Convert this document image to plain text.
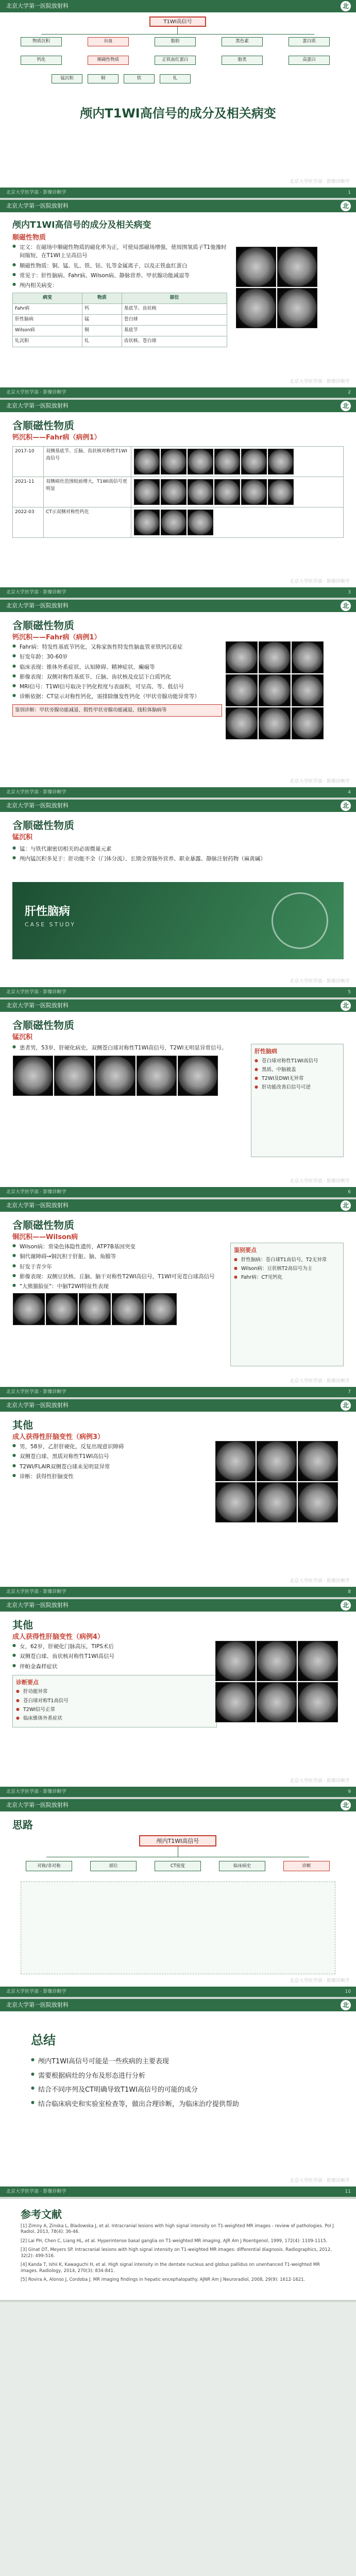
北京大学第一医院放射科	北
T1WI高信号
物质沉积	出血	脂肪	黑色素	蛋白质
钙化	顺磁性物质	正铁血红蛋白	脂类	高蛋白
锰沉积	铜	铁	钆
颅内T1WI高信号的成分及相关病变
北京大学医学部 · 影像诊断学
北京大学医学部 · 影像诊断学	1
北京大学第一医院放射科	北
颅内T1WI高信号的成分及相关病变
顺磁性物质
● 定义：在磁场中顺磁性物质的磁化率为正，可使局部磁场增强，使周围氢质子T1弛豫时间缩短，在T1WI上呈高信号
● 顺磁性物质：铜、锰、钆、铁、钴、钆等金属离子，以及正铁血红蛋白
● 常见于：肝性脑病、Fahr病、Wilson病、静脉营养、甲状腺功能减退等
● 颅内相关病变：
病变	物质	部位
Fahr病	钙	基底节、齿状核
肝性脑病	锰	苍白球
Wilson病	铜	基底节
钆沉积	钆	齿状核、苍白球

北京大学医学部 · 影像诊断学
北京大学医学部 · 影像诊断学	2
北京大学第一医院放射科	北
含顺磁性物质
钙沉积——Fahr病（病例1）
2017-10	双侧基底节、丘脑、齿状核对称性T1WI高信号	
2021-11	双侧病灶范围较前增大，T1WI高信号更明显	
2022-03	CT示双侧对称性钙化	
北京大学医学部 · 影像诊断学
北京大学医学部 · 影像诊断学	3
北京大学第一医院放射科	北
含顺磁性物质
钙沉积——Fahr病（病例1）
● Fahr病：特发性基底节钙化，又称家族性特发性脑血管亚铁钙沉着症
● 好发年龄：30-60岁
● 临床表现：锥体外系症状、认知障碍、精神症状、癫痫等
● 影像表现：双侧对称性基底节、丘脑、齿状核及皮层下白质钙化
● MRI信号：T1WI信号取决于钙化程度与表面积，可呈高、等、低信号
● 诊断依据：CT显示对称性钙化，需排除继发性钙化（甲状旁腺功能异常等）
鉴别诊断：甲状旁腺功能减退、假性甲状旁腺功能减退、线粒体脑病等

北京大学医学部 · 影像诊断学
北京大学医学部 · 影像诊断学	4
北京大学第一医院放射科	北
含顺磁性物质
锰沉积
● 锰：与铁代谢密切相关的必需微量元素
● 颅内锰沉积多见于：肝功能不全（门体分流）、长期全胃肠外营养、职业暴露、静脉注射药物（麻黄碱）
肝性脑病
CASE STUDY
北京大学医学部 · 影像诊断学
北京大学医学部 · 影像诊断学	5
北京大学第一医院放射科	北
含顺磁性物质
锰沉积
● 患者男，53岁，肝硬化病史，双侧苍白球对称性T1WI高信号，T2WI无明显异常信号。	肝性脑病
● 苍白球对称性T1WI高信号
● 黑质、中脑被盖
● T2WI及DWI无异常
● 肝功能改善后信号可逆
北京大学医学部 · 影像诊断学
北京大学医学部 · 影像诊断学	6
北京大学第一医院放射科	北
含顺磁性物质
铜沉积——Wilson病
● Wilson病：常染色体隐性遗传，ATP7B基因突变
● 铜代谢障碍→铜沉积于肝脏、脑、角膜等
● 好发于青少年
● 影像表现：双侧豆状核、丘脑、脑干对称性T2WI高信号，T1WI可见苍白球高信号
● "大熊猫脸征"：中脑T2WI特征性表现
鉴别要点
● 肝性脑病：苍白球T1高信号，T2无异常
● Wilson病：豆状核T2高信号为主
● Fahr病：CT见钙化
北京大学医学部 · 影像诊断学
北京大学医学部 · 影像诊断学	7
北京大学第一医院放射科	北
其他
成人获得性肝脑变性（病例3）
● 男，58岁，乙肝肝硬化，反复出现意识障碍
● 双侧苍白球、黑质对称性T1WI高信号
● T2WI/FLAIR双侧苍白球未见明显异常
● 诊断：获得性肝脑变性

北京大学医学部 · 影像诊断学
北京大学医学部 · 影像诊断学	8
北京大学第一医院放射科	北
其他
成人获得性肝脑变性（病例4）
● 女，62岁，肝硬化门脉高压，TIPS术后
● 双侧苍白球、齿状核对称性T1WI高信号
● 伴帕金森样症状
诊断要点
● 肝功能异常
● 苍白球对称T1高信号
● T2WI信号正常
● 临床锥体外系症状

北京大学医学部 · 影像诊断学
北京大学医学部 · 影像诊断学	9
北京大学第一医院放射科	北
思路
颅内T1WI高信号
对称/非对称	部位	CT密度	临床病史	诊断
北京大学医学部 · 影像诊断学
北京大学医学部 · 影像诊断学	10
北京大学第一医院放射科	北
总结
● 颅内T1WI高信号可能是一些疾病的主要表现
● 需要根据病灶的分布及形态进行分析
● 结合不同序列及CT明确导致T1WI高信号的可能的成分
● 结合临床病史和实验室检查等，做出合理诊断，为临床治疗提供帮助
北京大学医学部 · 影像诊断学
北京大学医学部 · 影像诊断学	11
参考文献

[1] Zimny A, Zinska L, Bladowska J, et al. Intracranial lesions with high signal intensity on T1-weighted MR images - review of pathologies. Pol J Radiol, 2013, 78(4): 36-46.

[2] Lai PH, Chen C, Liang HL, et al. Hyperintense basal ganglia on T1-weighted MR imaging. AJR Am J Roentgenol, 1999, 172(4): 1109-1115.

[3] Ginat DT, Meyers SP. Intracranial lesions with high signal intensity on T1-weighted MR images: differential diagnosis. Radiographics, 2012, 32(2): 499-516.

[4] Kanda T, Ishii K, Kawaguchi H, et al. High signal intensity in the dentate nucleus and globus pallidus on unenhanced T1-weighted MR images. Radiology, 2014, 270(3): 834-841.

[5] Rovira A, Alonso J, Cordoba J. MR imaging findings in hepatic encephalopathy. AJNR Am J Neuroradiol, 2008, 29(9): 1612-1621.
